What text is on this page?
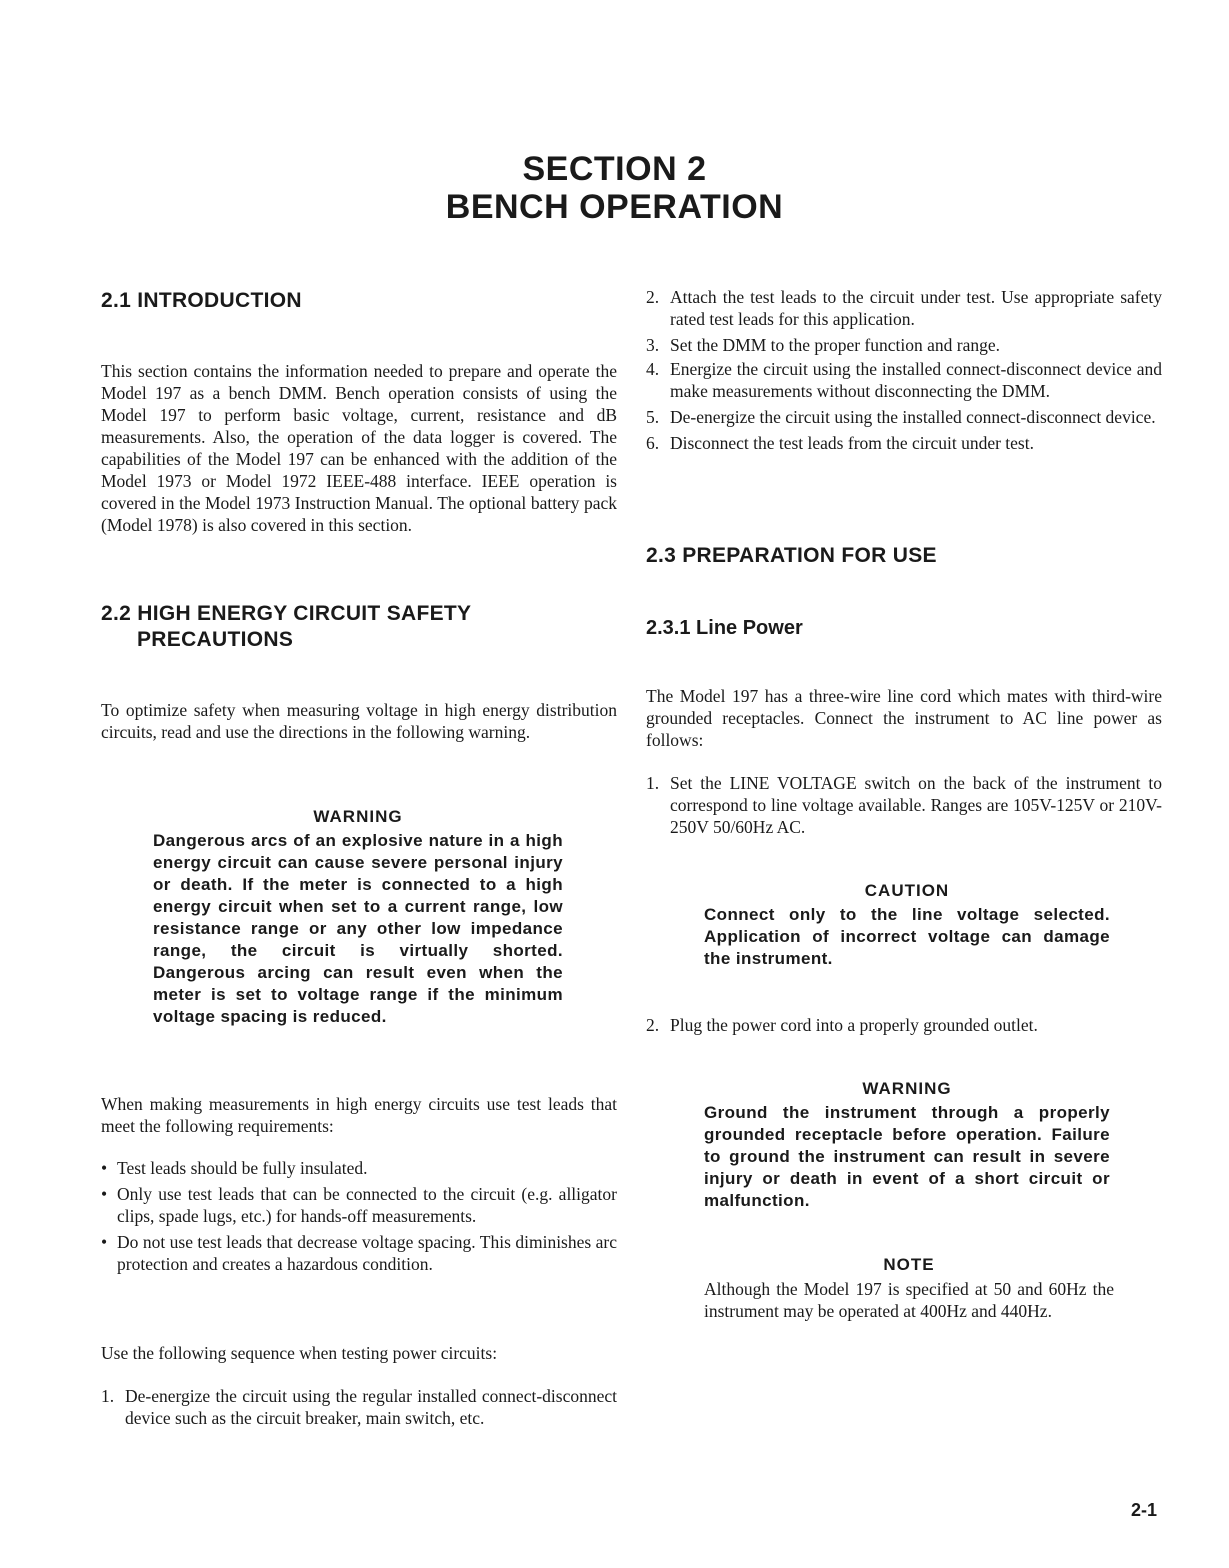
SECTION 2
BENCH OPERATION
2.1 INTRODUCTION

This section contains the information needed to prepare and operate the Model 197 as a bench DMM. Bench operation consists of using the Model 197 to perform basic voltage, current, resistance and dB measurements. Also, the operation of the data logger is covered. The capabilities of the Model 197 can be enhanced with the addition of the Model 1973 or Model 1972 IEEE-488 interface. IEEE operation is covered in the Model 1973 Instruction Manual. The optional battery pack (Model 1978) is also covered in this section.

2.2 HIGH ENERGY CIRCUIT SAFETY
PRECAUTIONS

To optimize safety when measuring voltage in high energy distribution circuits, read and use the directions in the following warning.

WARNING

Dangerous arcs of an explosive nature in a high energy circuit can cause severe personal injury or death. If the meter is connected to a high energy circuit when set to a current range, low resistance range or any other low impedance range, the circuit is virtually shorted. Dangerous arcing can result even when the meter is set to voltage range if the minimum voltage spacing is reduced.

When making measurements in high energy circuits use test leads that meet the following requirements:

• Test leads should be fully insulated.
• Only use test leads that can be connected to the circuit (e.g. alligator clips, spade lugs, etc.) for hands-off measurements.
• Do not use test leads that decrease voltage spacing. This diminishes arc protection and creates a hazardous condition.

Use the following sequence when testing power circuits:

1. De-energize the circuit using the regular installed connect-disconnect device such as the circuit breaker, main switch, etc.
2. Attach the test leads to the circuit under test. Use appropriate safety rated test leads for this application.
3. Set the DMM to the proper function and range.
4. Energize the circuit using the installed connect-disconnect device and make measurements without disconnecting the DMM.
5. De-energize the circuit using the installed connect-disconnect device.
6. Disconnect the test leads from the circuit under test.
2.3 PREPARATION FOR USE
2.3.1 Line Power

The Model 197 has a three-wire line cord which mates with third-wire grounded receptacles. Connect the instrument to AC line power as follows:

1. Set the LINE VOLTAGE switch on the back of the instrument to correspond to line voltage available. Ranges are 105V-125V or 210V-250V 50/60Hz AC.

CAUTION

Connect only to the line voltage selected. Application of incorrect voltage can damage the instrument.

2. Plug the power cord into a properly grounded outlet.

WARNING

Ground the instrument through a properly grounded receptacle before operation. Failure to ground the instrument can result in severe injury or death in event of a short circuit or malfunction.

NOTE

Although the Model 197 is specified at 50 and 60Hz the instrument may be operated at 400Hz and 440Hz.

2-1
